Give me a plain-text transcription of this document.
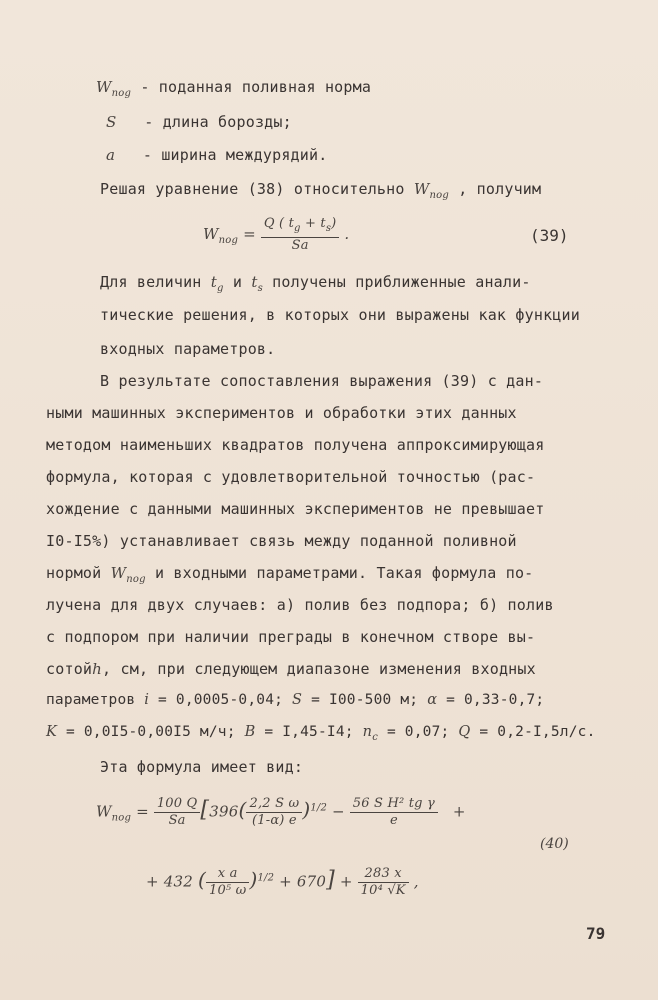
$W_{поg}$ - поданная поливная норма
S - длина борозды;
a - ширина междурядий.
Решая уравнение (38) относительно $W_{поg}$ , получим
$W_{поg} = \frac{Q ( t_g + t_s)}{Sa}$ .	(39)
Для величин $t_g$ и $t_s$ получены приближенные анали-
тические решения, в которых они выражены как функции
входных параметров.
В результате сопоставления выражения (39) с дан-
ными машинных экспериментов и обработки этих данных
методом наименьших квадратов получена аппроксимирующая
формула, которая с удовлетворительной точностью (рас-
хождение с данными машинных экспериментов не превышает
I0-I5%) устанавливает связь между поданной поливной
нормой $W_{поg}$ и входными параметрами. Такая формула по-
лучена для двух случаев: а) полив без подпора; б) полив
с подпором при наличии преграды в конечном створе вы-
сотойh, см, при следующем диапазоне изменения входных
параметров i = 0,0005-0,04; S = I00-500 м; α = 0,33-0,7;
K = 0,0I5-0,00I5 м/ч; B = I,45-I4; $n_c = 0,07$; Q = 0,2-I,5л/с.
Эта формула имеет вид:
$W_{поg} = \frac{100 Q}{Sa} [396( \frac{\text{2,2 S ω}}{(1-\alpha) e} )^{1/2} - \frac{\text{56 S H² tg γ}}{e}$ +
(40)
+ 432 ( $\frac{\text{x a}}{\text{10⁵ ω}} )^{1/2} + 670] + \frac{283 x}{\text{10⁴ √K}}$ ,
79
